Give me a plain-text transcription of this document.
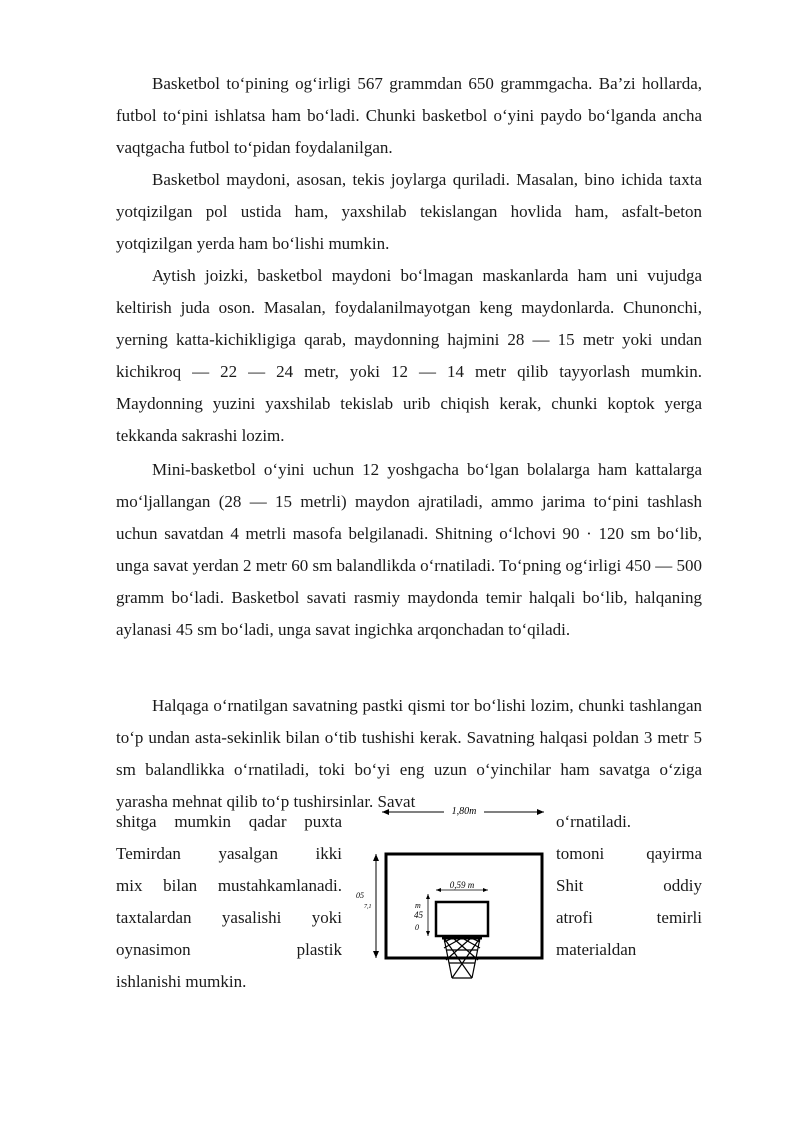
Basketbol to‘pining og‘irligi 567 grammdan 650 grammgacha. Ba’zi hollarda, futbol to‘pini ishlatsa ham bo‘ladi. Chunki basketbol o‘yini paydo bo‘lganda ancha vaqtgacha futbol to‘pidan foydalanilgan.

Basketbol maydoni, asosan, tekis joylarga quriladi. Masalan, bino ichida taxta yotqizilgan pol ustida ham, yaxshilab tekislangan hovlida ham, asfalt-beton yotqizilgan yerda ham bo‘lishi mumkin.

Aytish joizki, basketbol maydoni bo‘lmagan maskanlarda ham uni vujudga keltirish juda oson. Masalan, foydalanilmayotgan keng maydonlarda. Chunonchi, yerning katta-kichikligiga qarab, maydonning hajmini 28 — 15 metr yoki undan kichikroq — 22 — 24 metr, yoki 12 — 14 metr qilib tayyorlash mumkin. Maydonning yuzini yaxshilab tekislab urib chiqish kerak, chunki koptok yerga tekkanda sakrashi lozim.

Mini-basketbol o‘yini uchun 12 yoshgacha bo‘lgan bolalarga ham kattalarga mo‘ljallangan (28 — 15 metrli) maydon ajratiladi, ammo jarima to‘pini tashlash uchun savatdan 4 metrli masofa belgilanadi. Shitning o‘lchovi 90 · 120 sm bo‘lib, unga savat yerdan 2 metr 60 sm balandlikda o‘rnatiladi. To‘pning og‘irligi 450 — 500 gramm bo‘ladi. Basketbol savati rasmiy maydonda temir halqali bo‘lib, halqaning aylanasi 45 sm bo‘ladi, unga savat ingichka arqonchadan to‘qiladi.

Halqaga o‘rnatilgan savatning pastki qismi tor bo‘lishi lozim, chunki tashlangan to‘p undan asta-sekinlik bilan o‘tib tushishi kerak. Savatning halqasi poldan 3 metr 5 sm balandlikka o‘rnatiladi, toki bo‘yi eng uzun o‘yinchilar ham savatga o‘ziga yarasha mehnat qilib to‘p tushirsinlar. Savat

shitga mumkin qadar puxta	o‘rnatiladi.
Temirdan yasalgan ikki	tomoni qayirma
mix bilan mustahkamlanadi.	Shit oddiy
taxtalardan yasalishi yoki	atrofi temirli
oynasimon plastik	materialdan
ishlanishi mumkin.
1,80m
05
7,1
0,59 m
m
45
0
